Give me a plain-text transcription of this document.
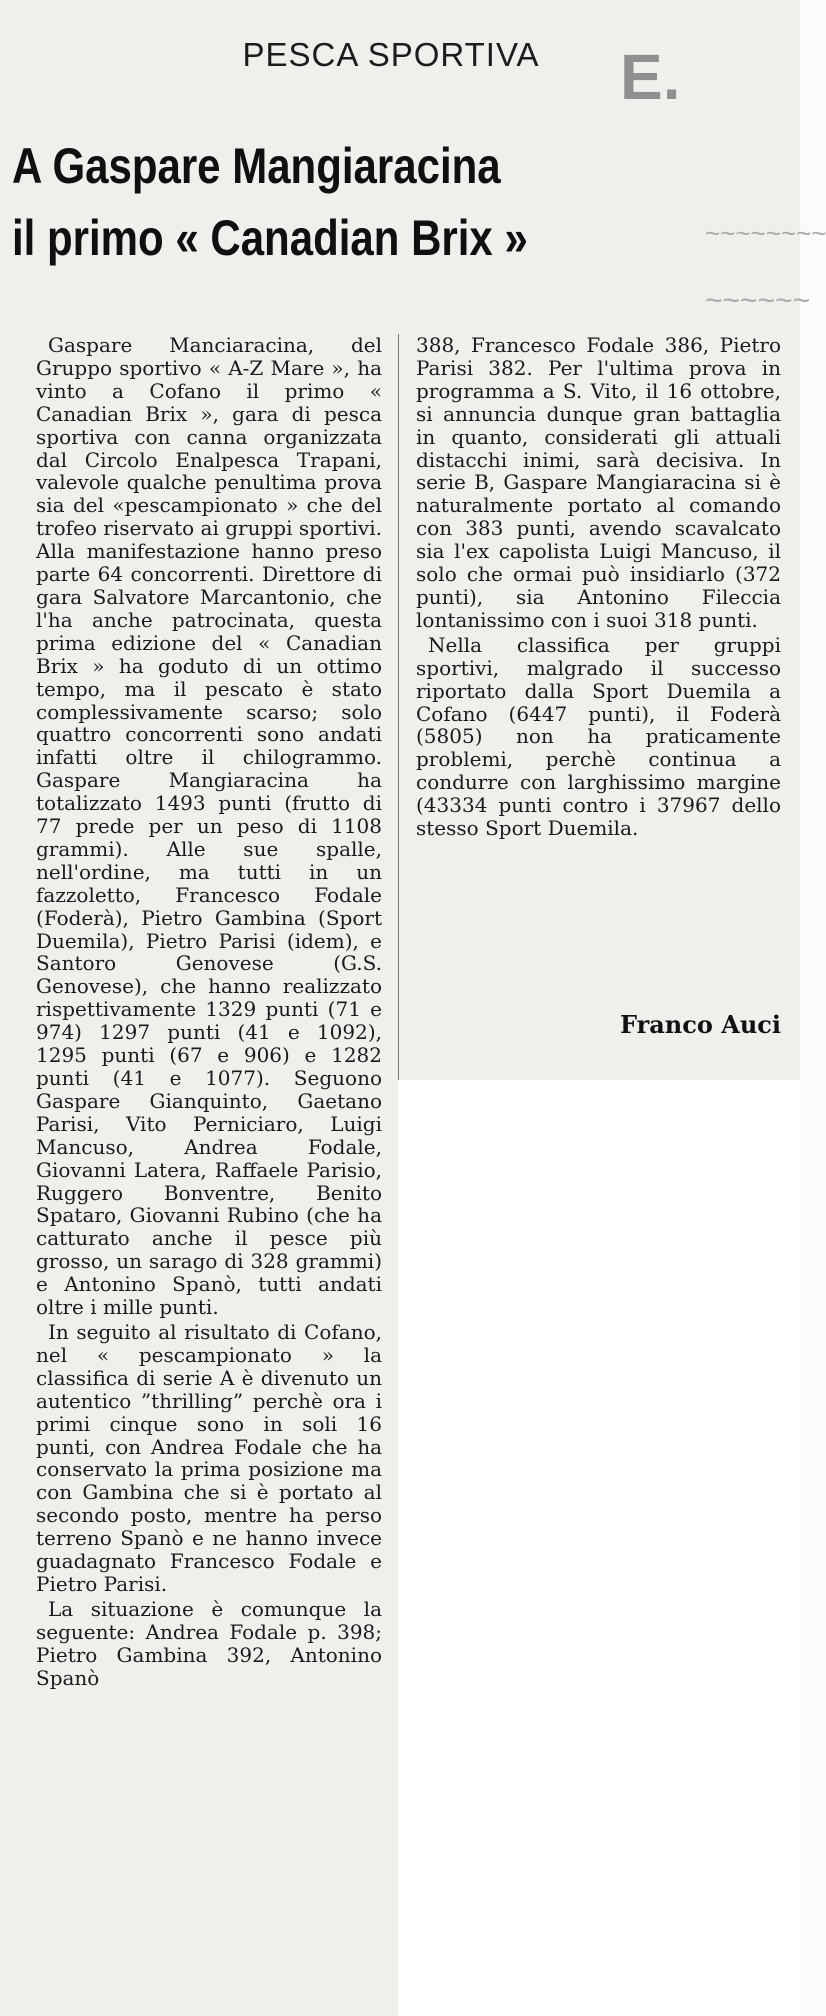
E.
~~~~~~~~
~~~~~~
PESCA SPORTIVA
A Gaspare Mangiaracina
il primo « Canadian Brix »

Gaspare Manciaracina, del Gruppo sportivo « A-Z Mare », ha vinto a Cofano il primo « Canadian Brix », gara di pesca sportiva con canna organizzata dal Circolo Enalpesca Trapani, valevole qualche penultima prova sia del «pescampionato » che del trofeo riservato ai gruppi sportivi. Alla manifestazione hanno preso parte 64 concorrenti. Direttore di gara Salvatore Marcantonio, che l'ha anche patrocinata, questa prima edizione del « Canadian Brix » ha goduto di un ottimo tempo, ma il pescato è stato complessivamente scarso; solo quattro concorrenti sono andati infatti oltre il chilogrammo. Gaspare Mangiaracina ha totalizzato 1493 punti (frutto di 77 prede per un peso di 1108 grammi). Alle sue spalle, nell'ordine, ma tutti in un fazzoletto, Francesco Fodale (Foderà), Pietro Gambina (Sport Duemila), Pietro Parisi (idem), e Santoro Genovese (G.S. Genovese), che hanno realizzato rispettivamente 1329 punti (71 e 974) 1297 punti (41 e 1092), 1295 punti (67 e 906) e 1282 punti (41 e 1077). Seguono Gaspare Gianquinto, Gaetano Parisi, Vito Perniciaro, Luigi Mancuso, Andrea Fodale, Giovanni Latera, Raffaele Parisio, Ruggero Bonventre, Benito Spataro, Giovanni Rubino (che ha catturato anche il pesce più grosso, un sarago di 328 grammi) e Antonino Spanò, tutti andati oltre i mille punti.

In seguito al risultato di Cofano, nel « pescampionato » la classifica di serie A è divenuto un autentico ”thrilling” perchè ora i primi cinque sono in soli 16 punti, con Andrea Fodale che ha conservato la prima posizione ma con Gambina che si è portato al secondo posto, mentre ha perso terreno Spanò e ne hanno invece guadagnato Francesco Fodale e Pietro Parisi.

La situazione è comunque la seguente: Andrea Fodale p. 398; Pietro Gambina 392, Antonino Spanò

388, Francesco Fodale 386, Pietro Parisi 382. Per l'ultima prova in programma a S. Vito, il 16 ottobre, si annuncia dunque gran battaglia in quanto, considerati gli attuali distacchi inimi, sarà decisiva. In serie B, Gaspare Mangiaracina si è naturalmente portato al comando con 383 punti, avendo scavalcato sia l'ex capolista Luigi Mancuso, il solo che ormai può insidiarlo (372 punti), sia Antonino Filecciа lontanissimo con i suoi 318 punti.

Nella classifica per gruppi sportivi, malgrado il successo riportato dalla Sport Duemila a Cofano (6447 punti), il Foderà (5805) non ha praticamente problemi, perchè continua a condurre con larghissimo margine (43334 punti contro i 37967 dello stesso Sport Duemila.

Franco Auci
